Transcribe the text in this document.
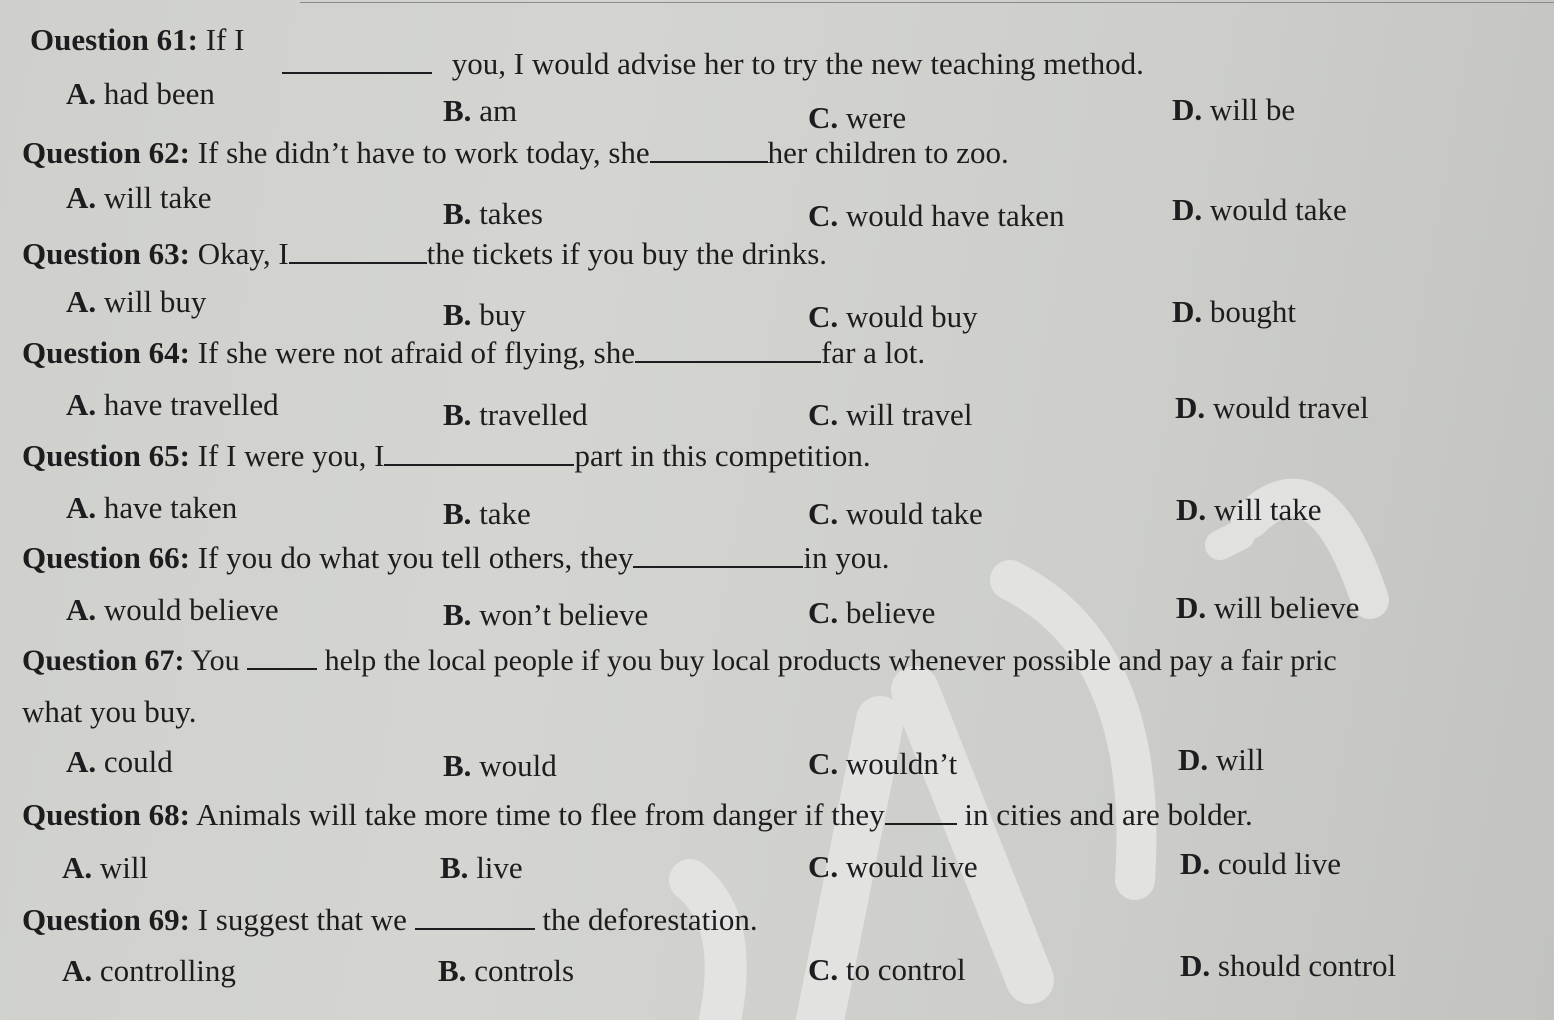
Ouestion 61: If I
you, I would advise her to try the new teaching method.
A. had been	B. am	C. were	D. will be
Question 62: If she didn’t have to work today, she	her children to zoo.
A. will take	B. takes	C. would have taken	D. would take
Question 63: Okay, I	the tickets if you buy the drinks.
A. will buy	B. buy	C. would buy	D. bought
Question 64: If she were not afraid of flying, she	far a lot.
A. have travelled	B. travelled	C. will travel	D. would travel
Question 65: If I were you, I	part in this competition.
A. have taken	B. take	C. would take	D. will take
Question 66: If you do what you tell others, they	in you.
A. would believe	B. won’t believe	C. believe	D. will believe
Question 67: You	help the local people if you buy local products whenever possible and pay a fair pric
what you buy.
A. could	B. would	C. wouldn’t	D. will
Question 68: Animals will take more time to flee from danger if they	in cities and are bolder.
A. will	B. live	C. would live	D. could live
Question 69: I suggest that we	the deforestation.
A. controlling	B. controls	C. to control	D. should control
